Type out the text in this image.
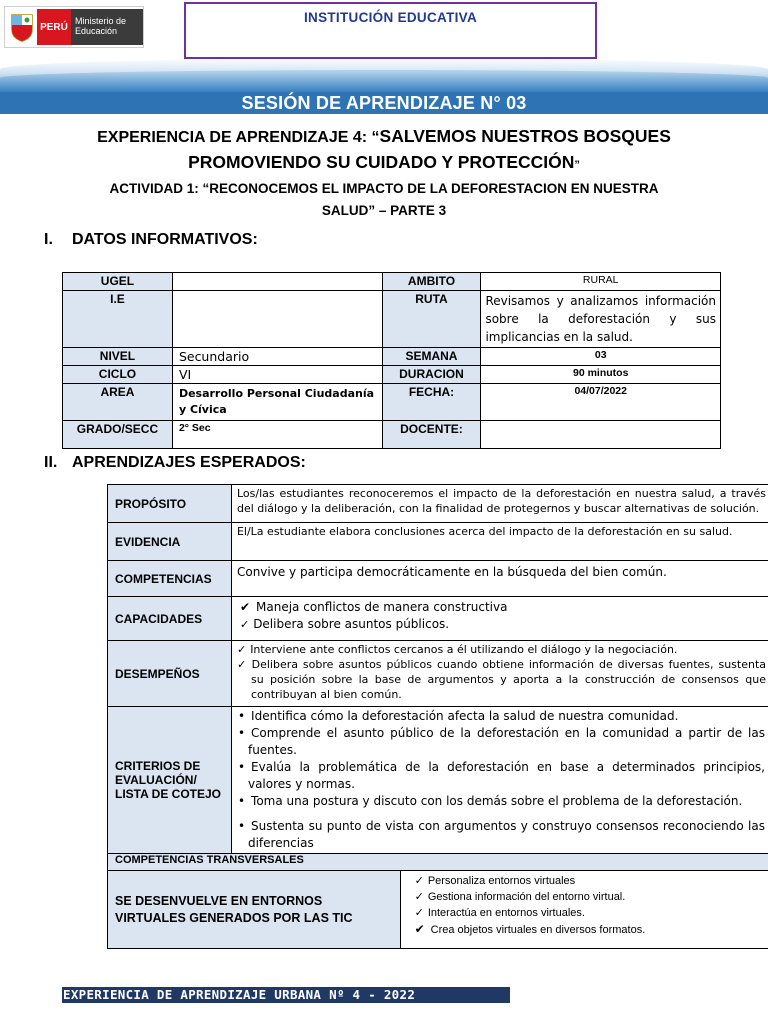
PERÚ
Ministerio de Educación
INSTITUCIÓN EDUCATIVA
SESIÓN DE APRENDIZAJE N° 03
EXPERIENCIA DE APRENDIZAJE 4: “SALVEMOS NUESTROS BOSQUES
PROMOVIENDO SU CUIDADO Y PROTECCIÓN”
ACTIVIDAD 1: “RECONOCEMOS EL IMPACTO DE LA DEFORESTACION EN NUESTRA
SALUD” – PARTE 3
I. DATOS INFORMATIVOS:
UGEL		AMBITO	RURAL
I.E		RUTA	Revisamos y analizamos información sobre la deforestación y sus implicancias en la salud.
NIVEL	Secundario	SEMANA	03
CICLO	VI	DURACION	90 minutos
AREA	Desarrollo Personal Ciudadanía y Cívica	FECHA:	04/07/2022
GRADO/SECC	2° Sec	DOCENTE:	
II. APRENDIZAJES ESPERADOS:
PROPÓSITO	Los/las estudiantes reconoceremos el impacto de la deforestación en nuestra salud, a través del diálogo y la deliberación, con la finalidad de protegernos y buscar alternativas de solución.	
EVIDENCIA	El/La estudiante elabora conclusiones acerca del impacto de la deforestación en su salud.	
COMPETENCIAS	Convive y participa democráticamente en la búsqueda del bien común.	
CAPACIDADES	✔ Maneja conflictos de manera constructiva
✓ Delibera sobre asuntos públicos.

DESEMPEÑOS	✓ Interviene ante conflictos cercanos a él utilizando el diálogo y la negociación.
✓ Delibera sobre asuntos públicos cuando obtiene información de diversas fuentes, sustenta su posición sobre la base de argumentos y aporta a la construcción de consensos que contribuyan al bien común.

CRITERIOS DE EVALUACIÓN/ LISTA DE COTEJO	• Identifica cómo la deforestación afecta la salud de nuestra comunidad.
• Comprende el asunto público de la deforestación en la comunidad a partir de las fuentes.
• Evalúa la problemática de la deforestación en base a determinados principios, valores y normas.
• Toma una postura y discuto con los demás sobre el problema de la deforestación.
• Sustenta su punto de vista con argumentos y construyo consensos reconociendo las diferencias

COMPETENCIAS TRANSVERSALES		
SE DESENVUELVE EN ENTORNOS VIRTUALES GENERADOS POR LAS TIC		✓ Personaliza entornos virtuales
✓ Gestiona información del entorno virtual.
✓ Interactúa en entornos virtuales.
✔ Crea objetos virtuales en diversos formatos.
EXPERIENCIA DE APRENDIZAJE URBANA Nº 4 - 2022
